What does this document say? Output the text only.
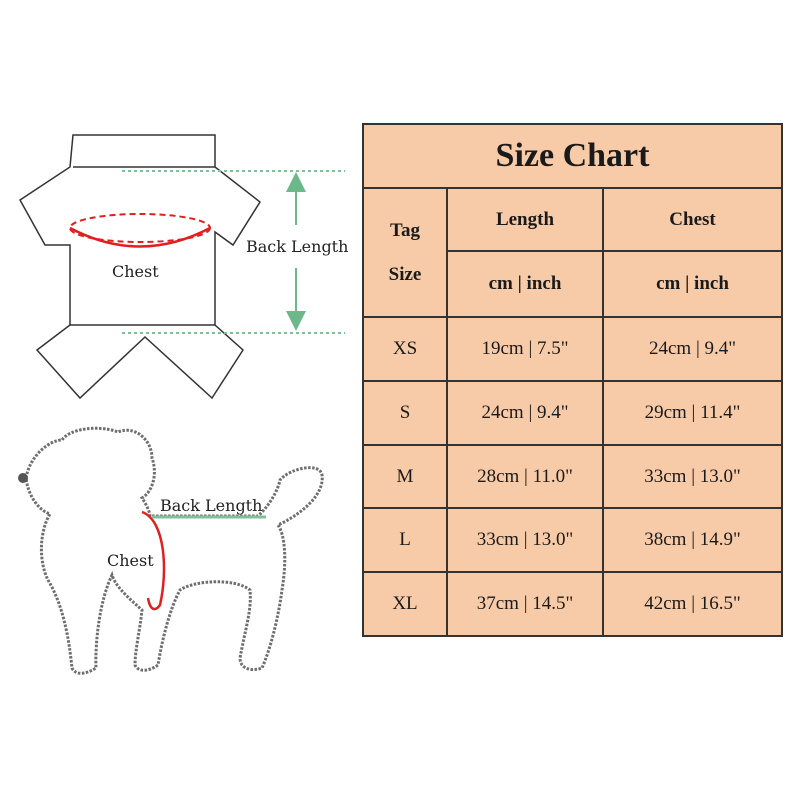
Chest
Back Length
Back Length
Chest
Size Chart		

Tag
Size	Length	Chest
	cm | inch	cm | inch
XS	19cm | 7.5"	24cm | 9.4"
S	24cm | 9.4"	29cm | 11.4"
M	28cm | 11.0"	33cm | 13.0"
L	33cm | 13.0"	38cm | 14.9"
XL	37cm | 14.5"	42cm | 16.5"
